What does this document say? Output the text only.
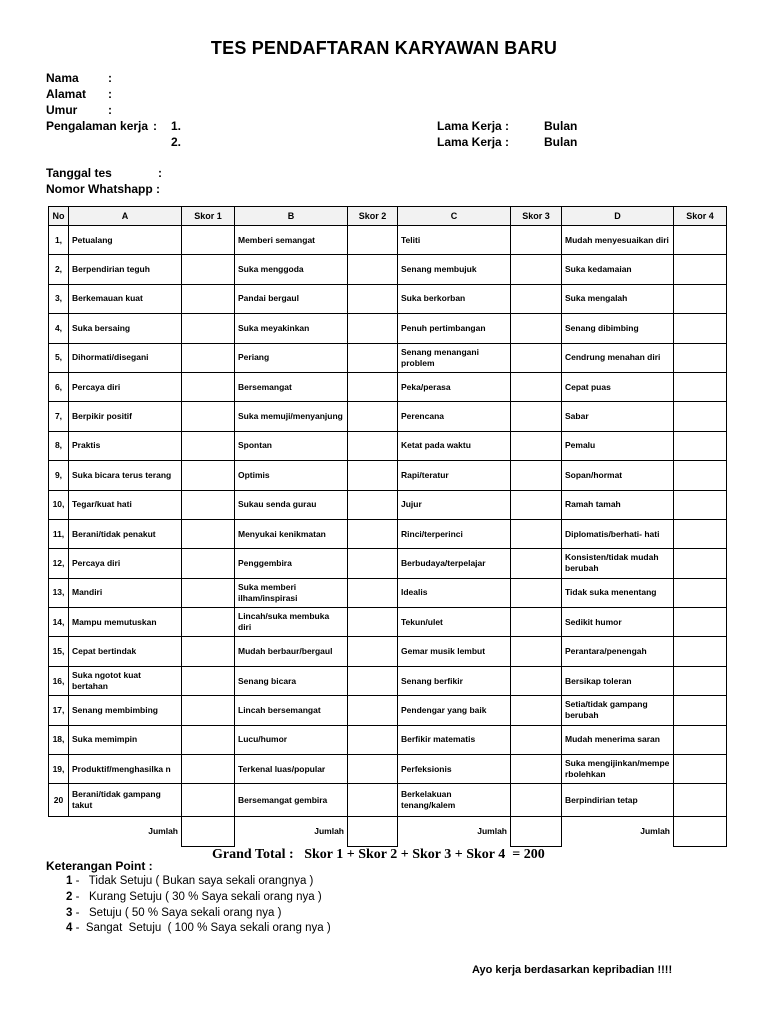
TES PENDAFTARAN KARYAWAN BARU
Nama :
Alamat :
Umur	:
Pengalaman kerja : 1.
2.
Lama Kerja :	Bulan
Lama Kerja :	Bulan
Tanggal tes	:
Nomor Whatshapp :
No	A	Skor 1	B	Skor 2	C	Skor 3	D	Skor 4
1,	Petualang		Memberi semangat		Teliti		Mudah menyesuaikan diri	
2,	Berpendirian teguh		Suka menggoda		Senang membujuk		Suka kedamaian	
3,	Berkemauan kuat		Pandai bergaul		Suka berkorban		Suka mengalah	
4,	Suka bersaing		Suka meyakinkan		Penuh pertimbangan		Senang dibimbing	
5,	Dihormati/disegani		Periang		Senang menangani problem		Cendrung menahan diri	
6,	Percaya diri		Bersemangat		Peka/perasa		Cepat puas	
7,	Berpikir positif		Suka memuji/menyanjung		Perencana		Sabar	
8,	Praktis		Spontan		Ketat pada waktu		Pemalu	
9,	Suka bicara terus terang		Optimis		Rapi/teratur		Sopan/hormat	
10,	Tegar/kuat hati		Sukau senda gurau		Jujur		Ramah tamah	
11,	Berani/tidak penakut		Menyukai kenikmatan		Rinci/terperinci		Diplomatis/berhati- hati	
12,	Percaya diri		Penggembira		Berbudaya/terpelajar		Konsisten/tidak mudah berubah	
13,	Mandiri		Suka memberi ilham/inspirasi		Idealis		Tidak suka menentang	
14,	Mampu memutuskan		Lincah/suka membuka diri		Tekun/ulet		Sedikit humor	
15,	Cepat bertindak		Mudah berbaur/bergaul		Gemar musik lembut		Perantara/penengah	
16,	Suka ngotot kuat bertahan		Senang bicara		Senang berfikir		Bersikap toleran	
17,	Senang membimbing		Lincah bersemangat		Pendengar yang baik		Setia/tidak gampang berubah	
18,	Suka memimpin		Lucu/humor		Berfikir matematis		Mudah menerima saran	
19,	Produktif/menghasilka n		Terkenal luas/popular		Perfeksionis		Suka mengijinkan/mempe rbolehkan	
20	Berani/tidak gampang takut		Bersemangat gembira		Berkelakuan tenang/kalem		Berpindirian tetap	

Jumlah			Jumlah		Jumlah		Jumlah	
Grand Total :   Skor 1 + Skor 2 + Skor 3 + Skor 4  = 200
Keterangan Point :
1 -   Tidak Setuju ( Bukan saya sekali orangnya )
2 -   Kurang Setuju ( 30 % Saya sekali orang nya )
3 -   Setuju ( 50 % Saya sekali orang nya )
4 -  Sangat  Setuju  ( 100 % Saya sekali orang nya )
Ayo kerja berdasarkan kepribadian !!!!
